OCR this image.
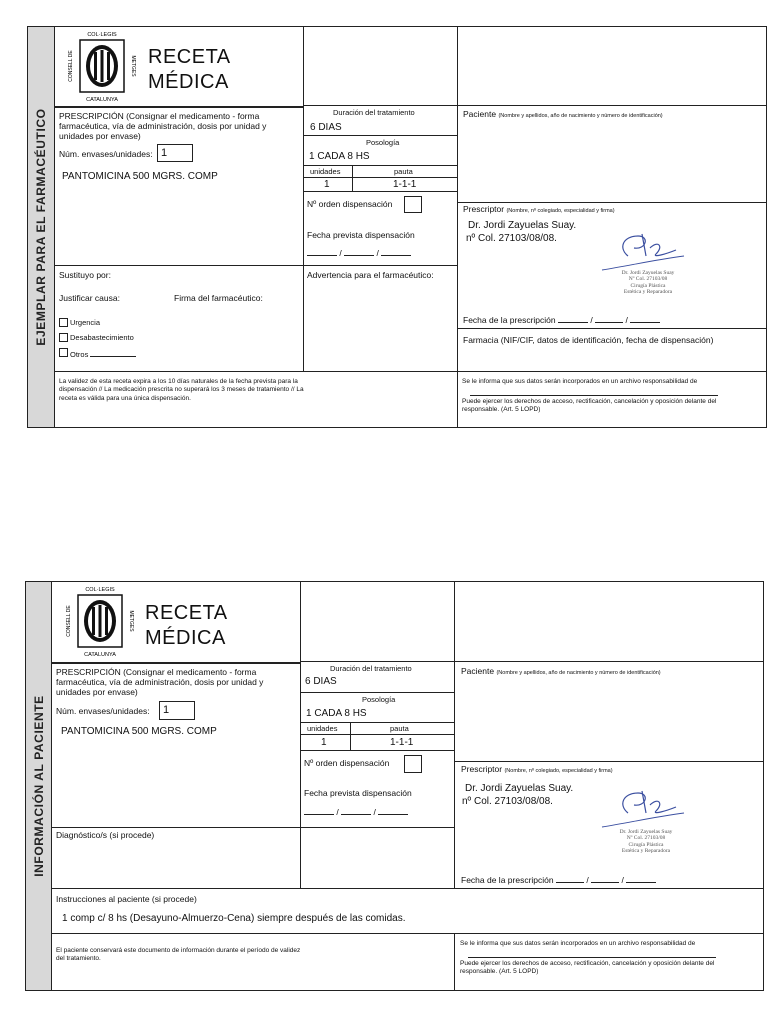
EJEMPLAR PARA EL FARMACÉUTICO
COL·LEGIS
CATALUNYA
CONSELL DE	METGES RECETA
MÉDICA
PRESCRIPCIÓN (Consignar el medicamento - forma farmacéutica, vía de administración, dosis por unidad y unidades por envase)
Núm. envases/unidades: 1
PANTOMICINA 500 MGRS. COMP
Duración del tratamiento
6 DIAS
Posología
1 CADA 8 HS
unidades	pauta
1	1-1-1
Nº orden dispensación
Fecha prevista dispensación
/	/
Advertencia para el farmacéutico:
Paciente (Nombre y apellidos, año de nacimiento y número de identificación)
Prescriptor (Nombre, nº colegiado, especialidad y firma)
Dr. Jordi Zayuelas Suay.
nº Col. 27103/08/08.
Dr. Jordi Zayuelas Suay
Nº Col. 27103/08
Cirugía Plástica
Estética y Reparadora
Fecha de la prescripción	/	/
Farmacia (NIF/CIF, datos de identificación, fecha de dispensación)
Sustituyo por:
Justificar causa:	Firma del farmacéutico:
Urgencia
Desabastecimiento
Otros
La validez de esta receta expira a los 10 días naturales de la fecha prevista para la dispensación // La medicación prescrita no superará los 3 meses de tratamiento // La receta es válida para una única dispensación.
Se le informa que sus datos serán incorporados en un archivo responsabilidad de
Puede ejercer los derechos de acceso, rectificación, cancelación y oposición delante del responsable. (Art. 5 LOPD)
INFORMACIÓN AL PACIENTE
COL·LEGIS
CATALUNYA
CONSELL DE	METGES RECETA
MÉDICA
PRESCRIPCIÓN (Consignar el medicamento - forma farmacéutica, vía de administración, dosis por unidad y unidades por envase)
Núm. envases/unidades: 1
PANTOMICINA 500 MGRS. COMP
Diagnóstico/s (si procede)
Duración del tratamiento
6 DIAS
Posología
1 CADA 8 HS
unidades	pauta
1	1-1-1
Nº orden dispensación
Fecha prevista dispensación
/	/
Paciente (Nombre y apellidos, año de nacimiento y número de identificación)
Prescriptor (Nombre, nº colegiado, especialidad y firma)
Dr. Jordi Zayuelas Suay.
nº Col. 27103/08/08.
Dr. Jordi Zayuelas Suay
Nº Col. 27103/08
Cirugía Plástica
Estética y Reparadora
Fecha de la prescripción	/	/
Instrucciones al paciente (si procede)
1 comp c/ 8 hs (Desayuno-Almuerzo-Cena) siempre después de las comidas.
El paciente conservará este documento de información durante el período de validez del tratamiento.
Se le informa que sus datos serán incorporados en un archivo responsabilidad de
Puede ejercer los derechos de acceso, rectificación, cancelación y oposición delante del responsable. (Art. 5 LOPD)
